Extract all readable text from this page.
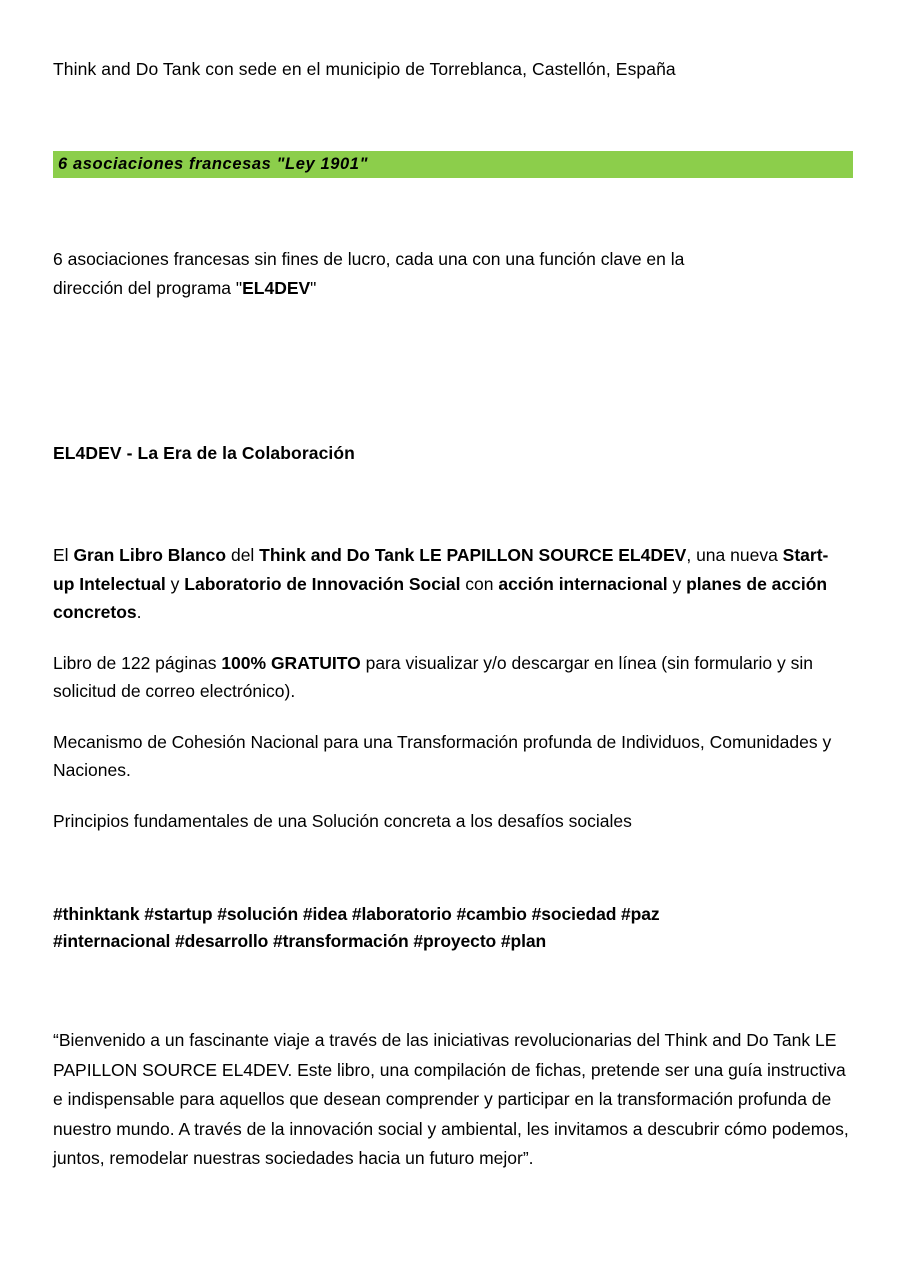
Think and Do Tank con sede en el municipio de Torreblanca, Castellón, España
6 asociaciones francesas "Ley 1901"
6 asociaciones francesas sin fines de lucro, cada una con una función clave en la
dirección del programa "EL4DEV"
EL4DEV - La Era de la Colaboración

El Gran Libro Blanco del Think and Do Tank LE PAPILLON SOURCE EL4DEV, una nueva Start-up Intelectual y Laboratorio de Innovación Social con acción internacional y planes de acción concretos.

Libro de 122 páginas 100% GRATUITO para visualizar y/o descargar en línea (sin formulario y sin solicitud de correo electrónico).

Mecanismo de Cohesión Nacional para una Transformación profunda de Individuos, Comunidades y Naciones.

Principios fundamentales de una Solución concreta a los desafíos sociales

#thinktank #startup #solución #idea #laboratorio #cambio #sociedad #paz
#internacional #desarrollo #transformación #proyecto #plan
“Bienvenido a un fascinante viaje a través de las iniciativas revolucionarias del Think and Do Tank LE PAPILLON SOURCE EL4DEV. Este libro, una compilación de fichas, pretende ser una guía instructiva e indispensable para aquellos que desean comprender y participar en la transformación profunda de nuestro mundo. A través de la innovación social y ambiental, les invitamos a descubrir cómo podemos, juntos, remodelar nuestras sociedades hacia un futuro mejor”.
